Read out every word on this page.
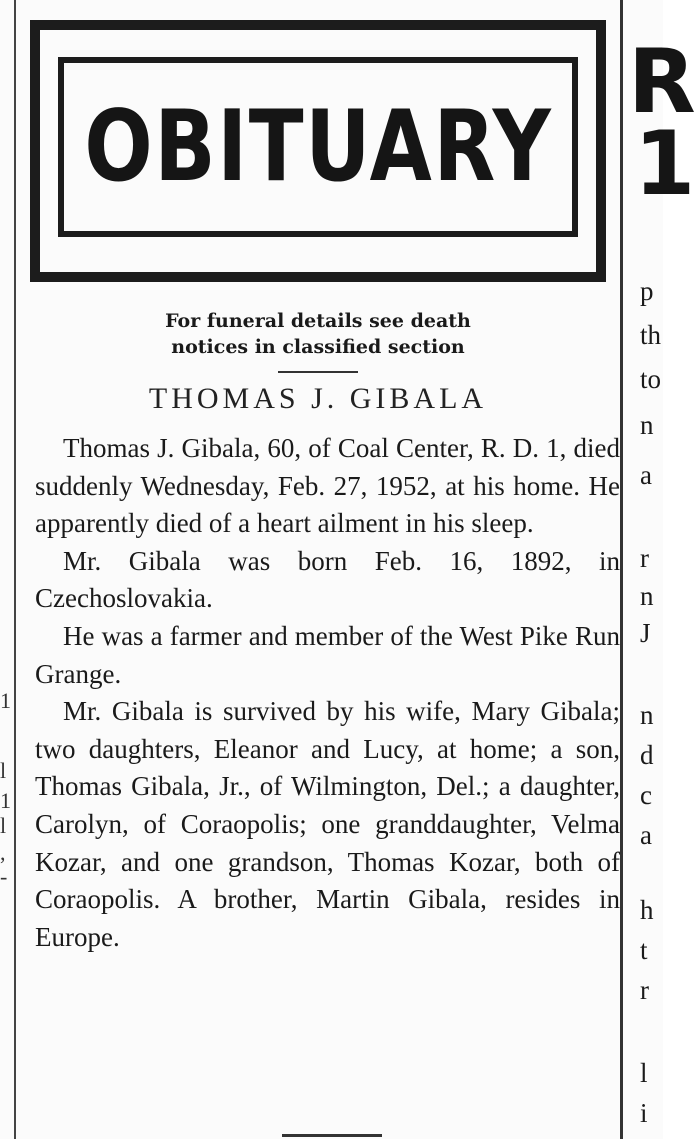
1
l
1
l
,
-
OBITUARY
For funeral details see death
notices in classified section
THOMAS J. GIBALA

Thomas J. Gibala, 60, of Coal Center, R. D. 1, died suddenly Wednesday, Feb. 27, 1952, at his home. He apparently died of a heart ailment in his sleep.

Mr. Gibala was born Feb. 16, 1892, in Czechoslovakia.

He was a farmer and member of the West Pike Run Grange.

Mr. Gibala is survived by his wife, Mary Gibala; two daughters, Eleanor and Lucy, at home; a son, Thomas Gibala, Jr., of Wilmington, Del.; a daughter, Carolyn, of Coraopolis; one granddaughter, Velma Kozar, and one grandson, Thomas Kozar, both of Coraopolis. A brother, Martin Gibala, resides in Europe.

R
1
p
th
to
n
a
r
n
J
n
d
c
a
h
t
r
l
i
